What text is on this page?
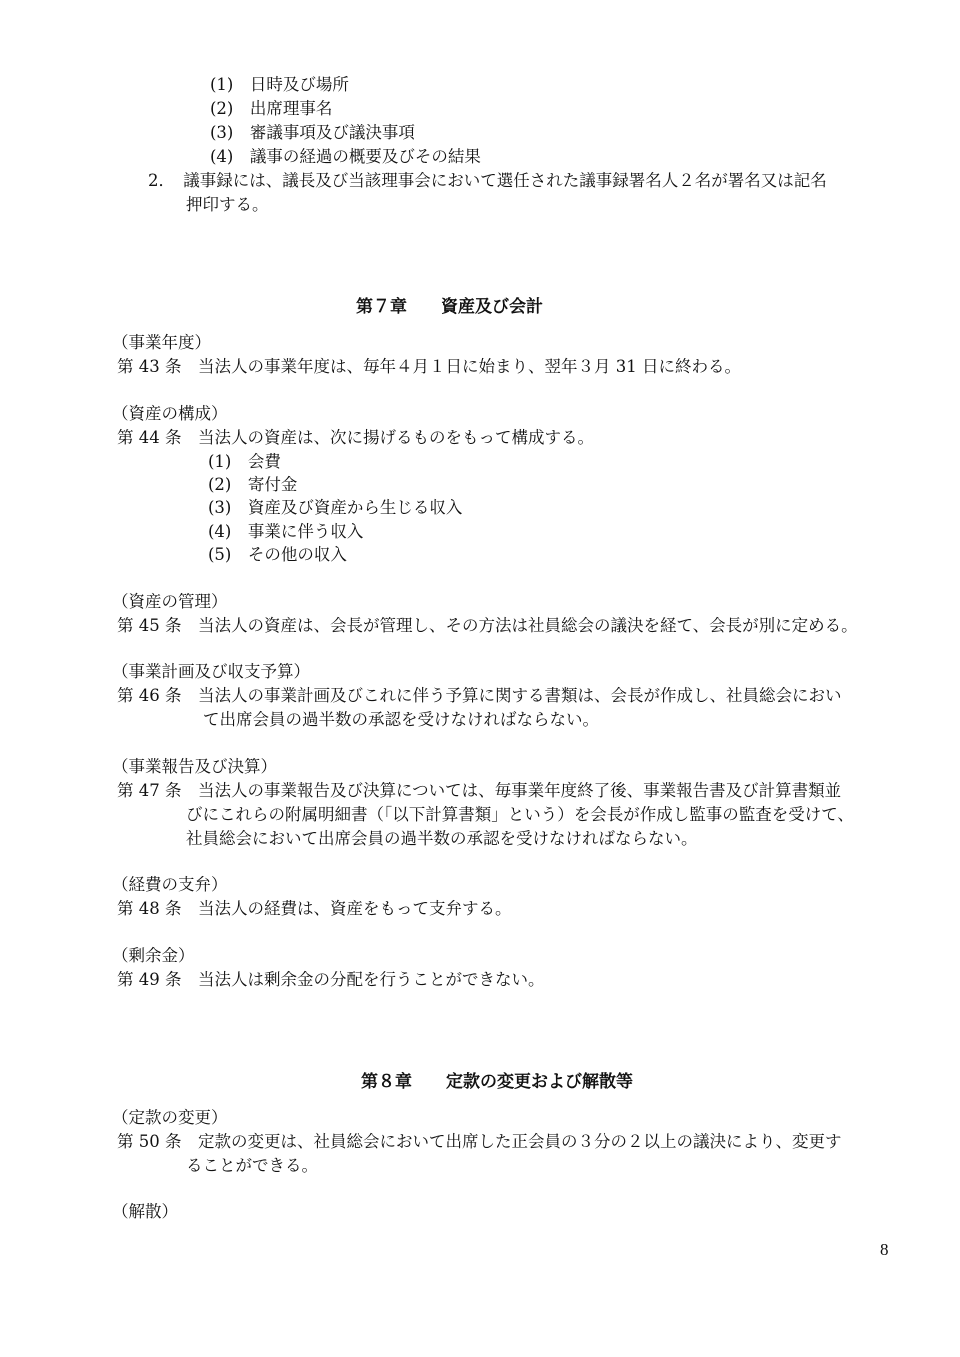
(1)　日時及び場所
(2)　出席理事名
(3)　審議事項及び議決事項
(4)　議事の経過の概要及びその結果
2．　議事録には、議長及び当該理事会において選任された議事録署名人２名が署名又は記名
押印する。
第７章　　資産及び会計
（事業年度）
第 43 条　当法人の事業年度は、毎年４月１日に始まり、翌年３月 31 日に終わる。
（資産の構成）
第 44 条　当法人の資産は、次に揚げるものをもって構成する。
(1)　会費
(2)　寄付金
(3)　資産及び資産から生じる収入
(4)　事業に伴う収入
(5)　その他の収入
（資産の管理）
第 45 条　当法人の資産は、会長が管理し、その方法は社員総会の議決を経て、会長が別に定める。
（事業計画及び収支予算）
第 46 条　当法人の事業計画及びこれに伴う予算に関する書類は、会長が作成し、社員総会におい
て出席会員の過半数の承認を受けなければならない。
（事業報告及び決算）
第 47 条　当法人の事業報告及び決算については、毎事業年度終了後、事業報告書及び計算書類並
びにこれらの附属明細書（「以下計算書類」という）を会長が作成し監事の監査を受けて、
社員総会において出席会員の過半数の承認を受けなければならない。
（経費の支弁）
第 48 条　当法人の経費は、資産をもって支弁する。
（剰余金）
第 49 条　当法人は剰余金の分配を行うことができない。
第８章　　定款の変更および解散等
（定款の変更）
第 50 条　定款の変更は、社員総会において出席した正会員の３分の２以上の議決により、変更す
ることができる。
（解散）
8
